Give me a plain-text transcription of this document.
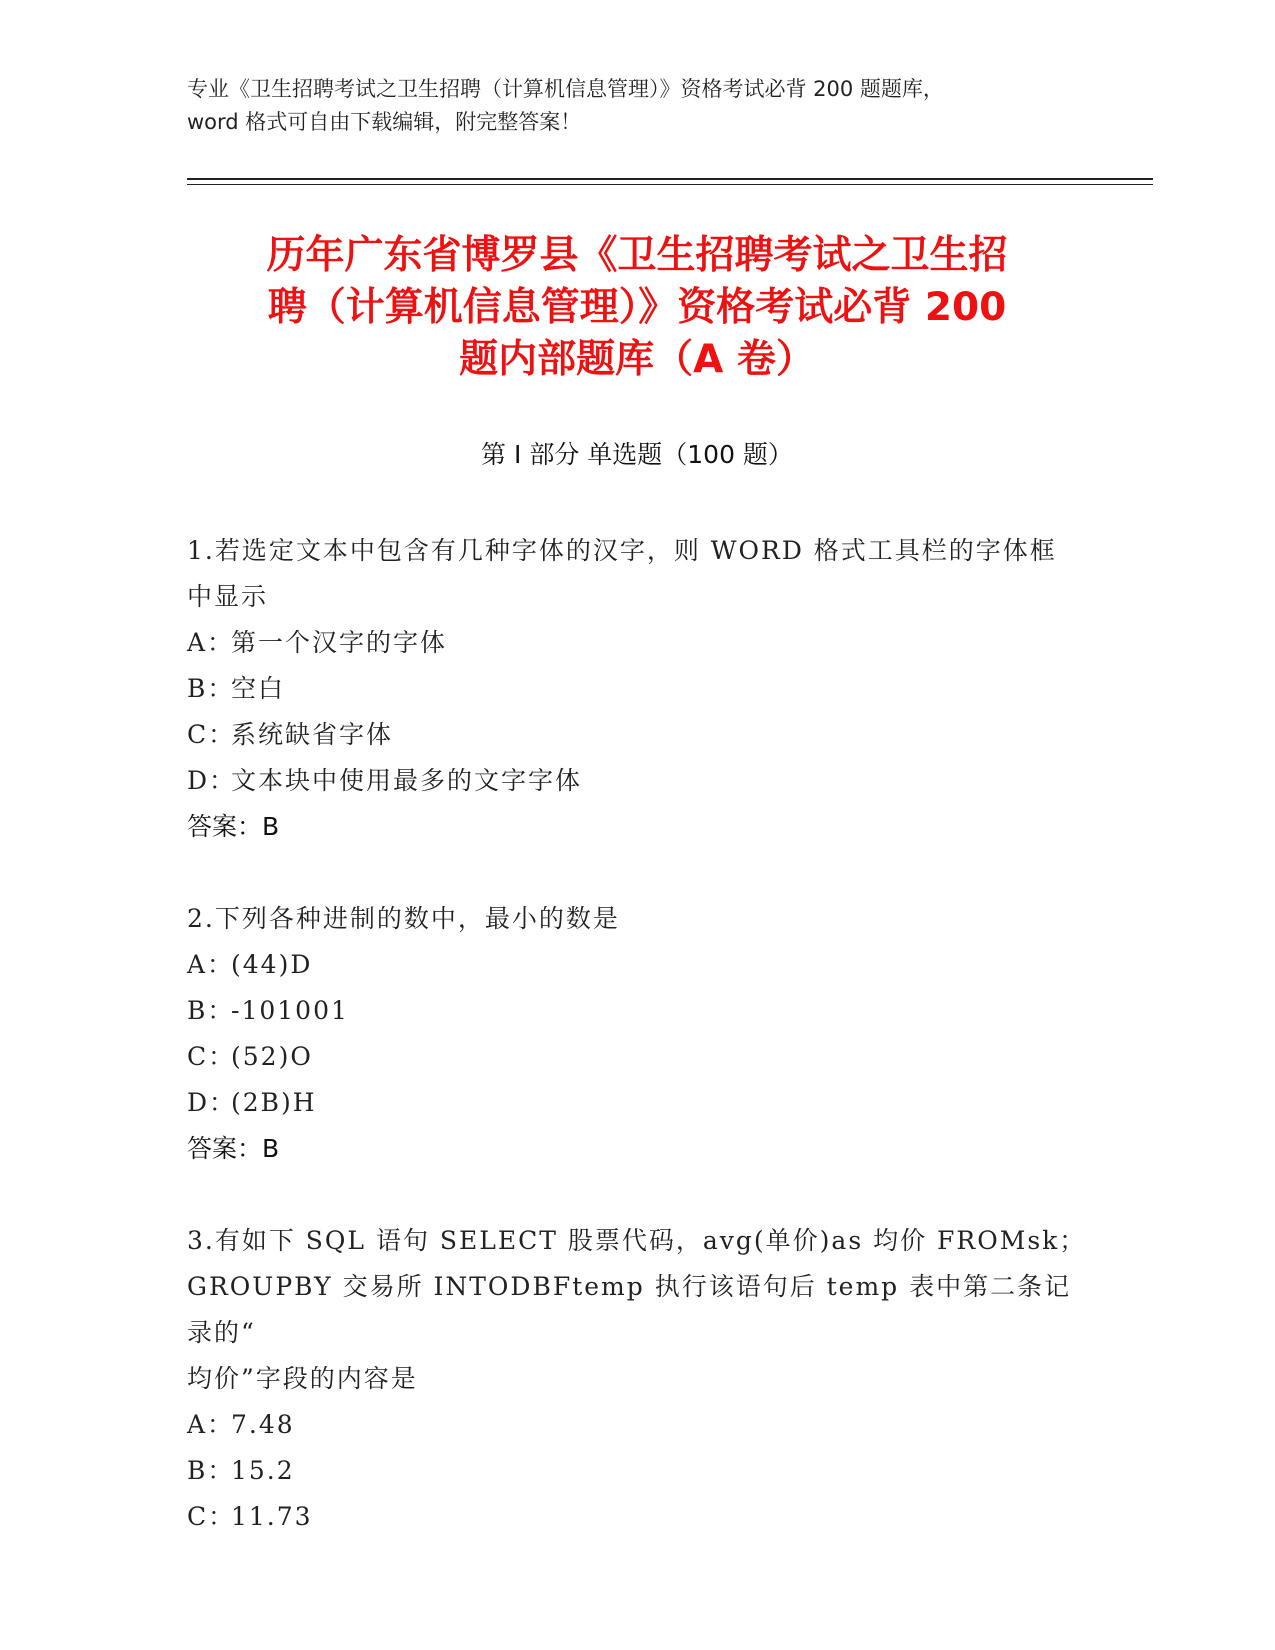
专业《卫生招聘考试之卫生招聘（计算机信息管理）》资格考试必背 200 题题库，
word 格式可自由下载编辑，附完整答案！
历年广东省博罗县《卫生招聘考试之卫生招
聘（计算机信息管理）》资格考试必背 200
题内部题库（A 卷）
第 I 部分 单选题（100 题）
1.若选定文本中包含有几种字体的汉字，则 WORD 格式工具栏的字体框
中显示
A：第一个汉字的字体
B：空白
C：系统缺省字体
D：文本块中使用最多的文字字体
答案：B
2.下列各种进制的数中，最小的数是
A：(44)D
B：-101001
C：(52)O
D：(2B)H
答案：B
3.有如下 SQL 语句 SELECT 股票代码，avg(单价)as 均价 FROMsk；
GROUPBY 交易所 INTODBFtemp 执行该语句后 temp 表中第二条记录的“
均价”字段的内容是
A：7.48
B：15.2
C：11.73
